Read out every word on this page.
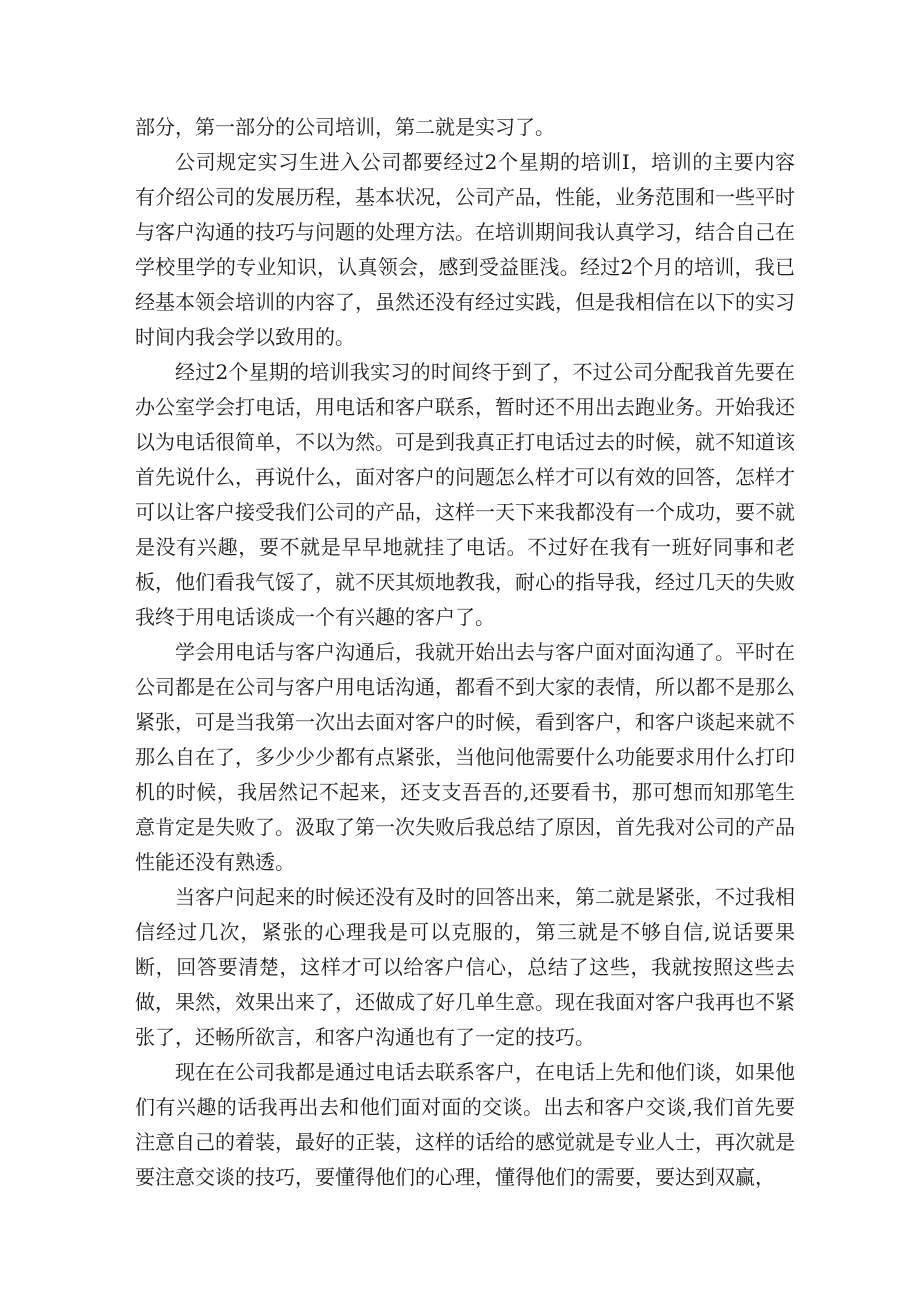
部分，第一部分的公司培训，第二就是实习了。

公司规定实习生进入公司都要经过2个星期的培训I，培训的主要内容有介绍公司的发展历程，基本状况，公司产品，性能，业务范围和一些平时与客户沟通的技巧与问题的处理方法。在培训期间我认真学习，结合自己在学校里学的专业知识，认真领会，感到受益匪浅。经过2个月的培训，我已经基本领会培训的内容了，虽然还没有经过实践，但是我相信在以下的实习时间内我会学以致用的。

经过2个星期的培训我实习的时间终于到了，不过公司分配我首先要在办公室学会打电话，用电话和客户联系，暂时还不用出去跑业务。开始我还以为电话很简单，不以为然。可是到我真正打电话过去的时候，就不知道该首先说什么，再说什么，面对客户的问题怎么样才可以有效的回答，怎样才可以让客户接受我们公司的产品，这样一天下来我都没有一个成功，要不就是没有兴趣，要不就是早早地就挂了电话。不过好在我有一班好同事和老板，他们看我气馁了，就不厌其烦地教我，耐心的指导我，经过几天的失败我终于用电话谈成一个有兴趣的客户了。

学会用电话与客户沟通后，我就开始出去与客户面对面沟通了。平时在公司都是在公司与客户用电话沟通，都看不到大家的表情，所以都不是那么紧张，可是当我第一次出去面对客户的时候，看到客户，和客户谈起来就不那么自在了，多少少少都有点紧张，当他问他需要什么功能要求用什么打印机的时候，我居然记不起来，还支支吾吾的,还要看书，那可想而知那笔生意肯定是失败了。汲取了第一次失败后我总结了原因，首先我对公司的产品性能还没有熟透。

当客户问起来的时候还没有及时的回答出来，第二就是紧张，不过我相信经过几次，紧张的心理我是可以克服的，第三就是不够自信,说话要果断，回答要清楚，这样才可以给客户信心，总结了这些，我就按照这些去做，果然，效果出来了，还做成了好几单生意。现在我面对客户我再也不紧张了，还畅所欲言，和客户沟通也有了一定的技巧。

现在在公司我都是通过电话去联系客户，在电话上先和他们谈，如果他们有兴趣的话我再出去和他们面对面的交谈。出去和客户交谈,我们首先要注意自己的着装，最好的正装，这样的话给的感觉就是专业人士，再次就是要注意交谈的技巧，要懂得他们的心理，懂得他们的需要，要达到双赢，
